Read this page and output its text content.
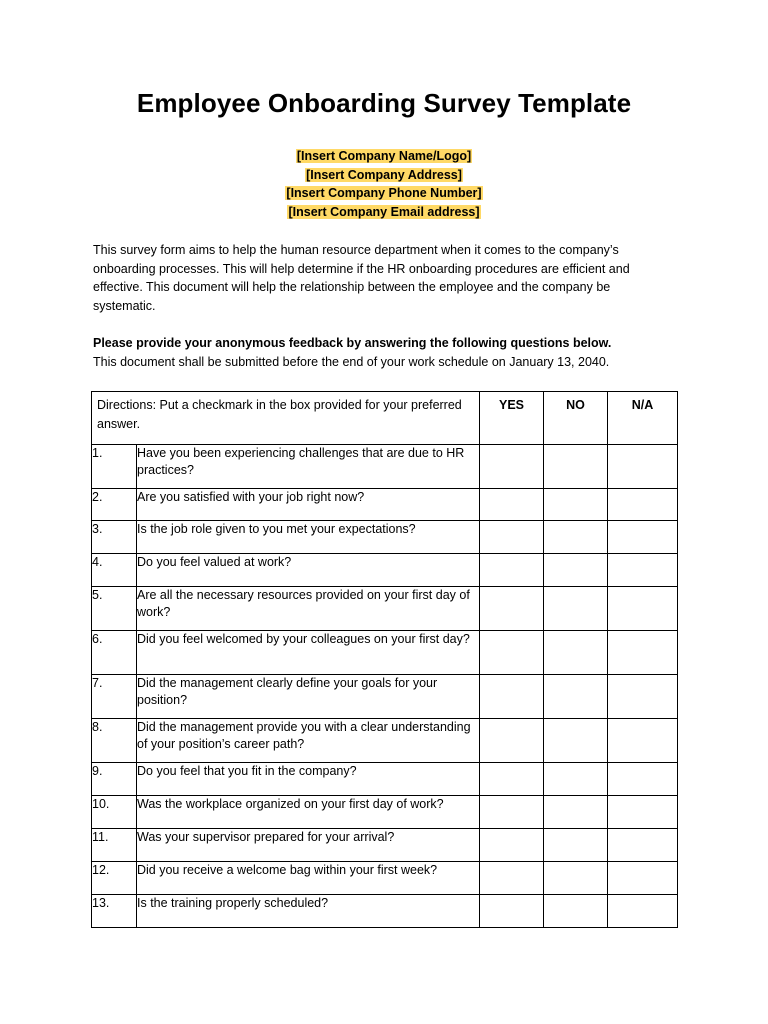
Employee Onboarding Survey Template
[Insert Company Name/Logo]
[Insert Company Address]
[Insert Company Phone Number]
[Insert Company Email address]
This survey form aims to help the human resource department when it comes to the company’s onboarding processes. This will help determine if the HR onboarding procedures are efficient and effective. This document will help the relationship between the employee and the company be systematic.
Please provide your anonymous feedback by answering the following questions below.
This document shall be submitted before the end of your work schedule on January 13, 2040.
Directions: Put a checkmark in the box provided for your preferred answer.		YES	NO	N/A
1.	Have you been experiencing challenges that are due to HR practices?			
2.	Are you satisfied with your job right now?			
3.	Is the job role given to you met your expectations?			
4.	Do you feel valued at work?			
5.	Are all the necessary resources provided on your first day of work?			
6.	Did you feel welcomed by your colleagues on your first day?			
7.	Did the management clearly define your goals for your position?			
8.	Did the management provide you with a clear understanding of your position’s career path?			
9.	Do you feel that you fit in the company?			
10.	Was the workplace organized on your first day of work?			
11.	Was your supervisor prepared for your arrival?			
12.	Did you receive a welcome bag within your first week?			
13.	Is the training properly scheduled?			
